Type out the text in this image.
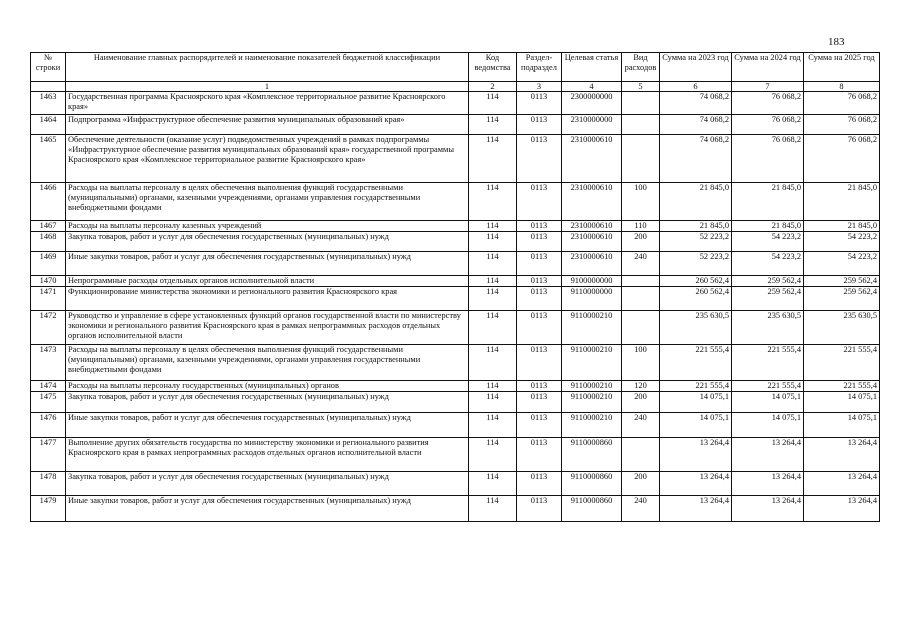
183
№ строки	Наименование главных распорядителей и наименование показателей бюджетной классификации	Код ведомства	Раздел-подраздел	Целевая статья	Вид расходов	Сумма на 2023 год	Сумма на 2024 год	Сумма на 2025 год
	1	2	3	4	5	6	7	8
1463	Государственная программа Красноярского края «Комплексное территориальное развитие Красноярского края»	114	0113	2300000000		74 068,2	76 068,2	76 068,2
1464	Подпрограмма «Инфраструктурное обеспечение развития муниципальных образований края»	114	0113	2310000000		74 068,2	76 068,2	76 068,2
1465	Обеспечение деятельности (оказание услуг) подведомственных учреждений в рамках подпрограммы «Инфраструктурное обеспечение развития муниципальных образований края» государственной программы Красноярского края «Комплексное территориальное развитие Красноярского края»	114	0113	2310000610		74 068,2	76 068,2	76 068,2
1466	Расходы на выплаты персоналу в целях обеспечения выполнения функций государственными (муниципальными) органами, казенными учреждениями, органами управления государственными внебюджетными фондами	114	0113	2310000610	100	21 845,0	21 845,0	21 845,0
1467	Расходы на выплаты персоналу казенных учреждений	114	0113	2310000610	110	21 845,0	21 845,0	21 845,0
1468	Закупка товаров, работ и услуг для обеспечения государственных (муниципальных) нужд	114	0113	2310000610	200	52 223,2	54 223,2	54 223,2
1469	Иные закупки товаров, работ и услуг для обеспечения государственных (муниципальных) нужд	114	0113	2310000610	240	52 223,2	54 223,2	54 223,2
1470	Непрограммные расходы отдельных органов исполнительной власти	114	0113	9100000000		260 562,4	259 562,4	259 562,4
1471	Функционирование министерства экономики и регионального развития Красноярского края	114	0113	9110000000		260 562,4	259 562,4	259 562,4
1472	Руководство и управление в сфере установленных функций органов государственной власти по министерству экономики и регионального развития Красноярского края в рамках непрограммных расходов отдельных органов исполнительной власти	114	0113	9110000210		235 630,5	235 630,5	235 630,5
1473	Расходы на выплаты персоналу в целях обеспечения выполнения функций государственными (муниципальными) органами, казенными учреждениями, органами управления государственными внебюджетными фондами	114	0113	9110000210	100	221 555,4	221 555,4	221 555,4
1474	Расходы на выплаты персоналу государственных (муниципальных) органов	114	0113	9110000210	120	221 555,4	221 555,4	221 555,4
1475	Закупка товаров, работ и услуг для обеспечения государственных (муниципальных) нужд	114	0113	9110000210	200	14 075,1	14 075,1	14 075,1
1476	Иные закупки товаров, работ и услуг для обеспечения государственных (муниципальных) нужд	114	0113	9110000210	240	14 075,1	14 075,1	14 075,1
1477	Выполнение других обязательств государства по министерству экономики и регионального развития Красноярского края в рамках непрограммных расходов отдельных органов исполнительной власти	114	0113	9110000860		13 264,4	13 264,4	13 264,4
1478	Закупка товаров, работ и услуг для обеспечения государственных (муниципальных) нужд	114	0113	9110000860	200	13 264,4	13 264,4	13 264,4
1479	Иные закупки товаров, работ и услуг для обеспечения государственных (муниципальных) нужд	114	0113	9110000860	240	13 264,4	13 264,4	13 264,4
